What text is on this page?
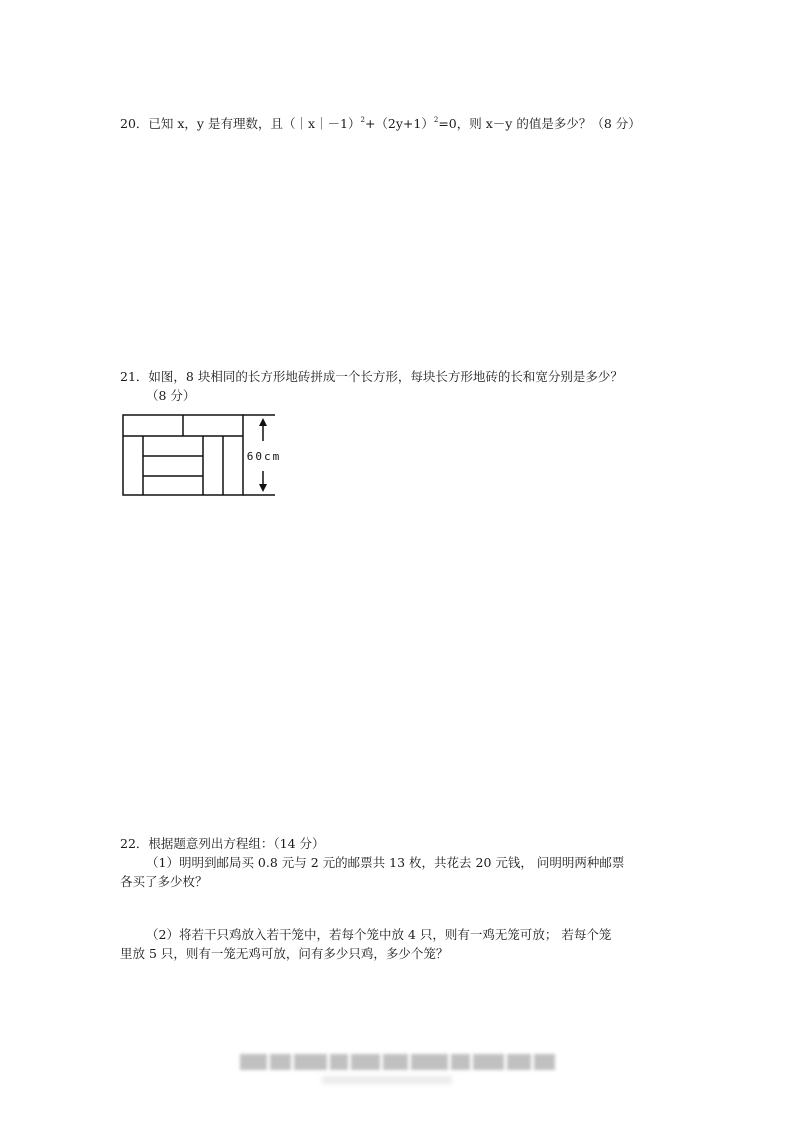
20．已知 x，y 是有理数，且$(|x|-1)^2+(2y+1)^2=0$，则 x－y 的值是多少？（8 分）
21．如图，8 块相同的长方形地砖拼成一个长方形，每块长方形地砖的长和宽分别是多少？
（8 分）
60cm
22．根据题意列出方程组：（14 分）
（1）明明到邮局买 0.8 元与 2 元的邮票共 13 枚，共花去 20 元钱， 问明明两种邮票
各买了多少枚？
（2）将若干只鸡放入若干笼中，若每个笼中放 4 只，则有一鸡无笼可放； 若每个笼
里放 5 只，则有一笼无鸡可放，问有多少只鸡，多少个笼？
